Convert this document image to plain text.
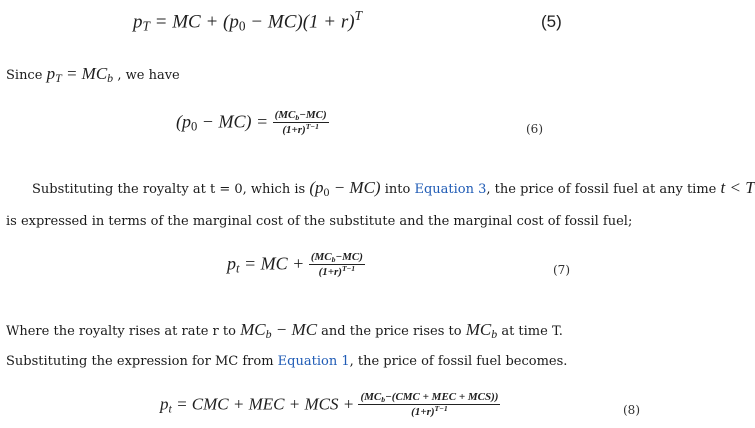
$p_T$ = MC + $(p_0 - MC)(1 + r)^T$	(5)
Since $p_T = MC_b$ , we have
$(p_0 - MC) = \frac{(MC_b-MC)}{(1+r)^{T-1}}$	(6)
Substituting the royalty at t = 0, which is $(p_0 - MC)$ into Equation 3, the price of fossil fuel at any time t < T
is expressed in terms of the marginal cost of the substitute and the marginal cost of fossil fuel;
$p_t$ = MC + $\frac{(MC_b-MC)}{(1+r)^{T-1}}$	(7)
Where the royalty rises at rate r to $MC_b$ − MC and the price rises to $MC_b$ at time T.
Substituting the expression for MC from Equation 1, the price of fossil fuel becomes.
$p_t$ = CMC + MEC + MCS + $\frac{(MC_b-(CMC + MEC + MCS))}{(1+r)^{T-1}}$	(8)
